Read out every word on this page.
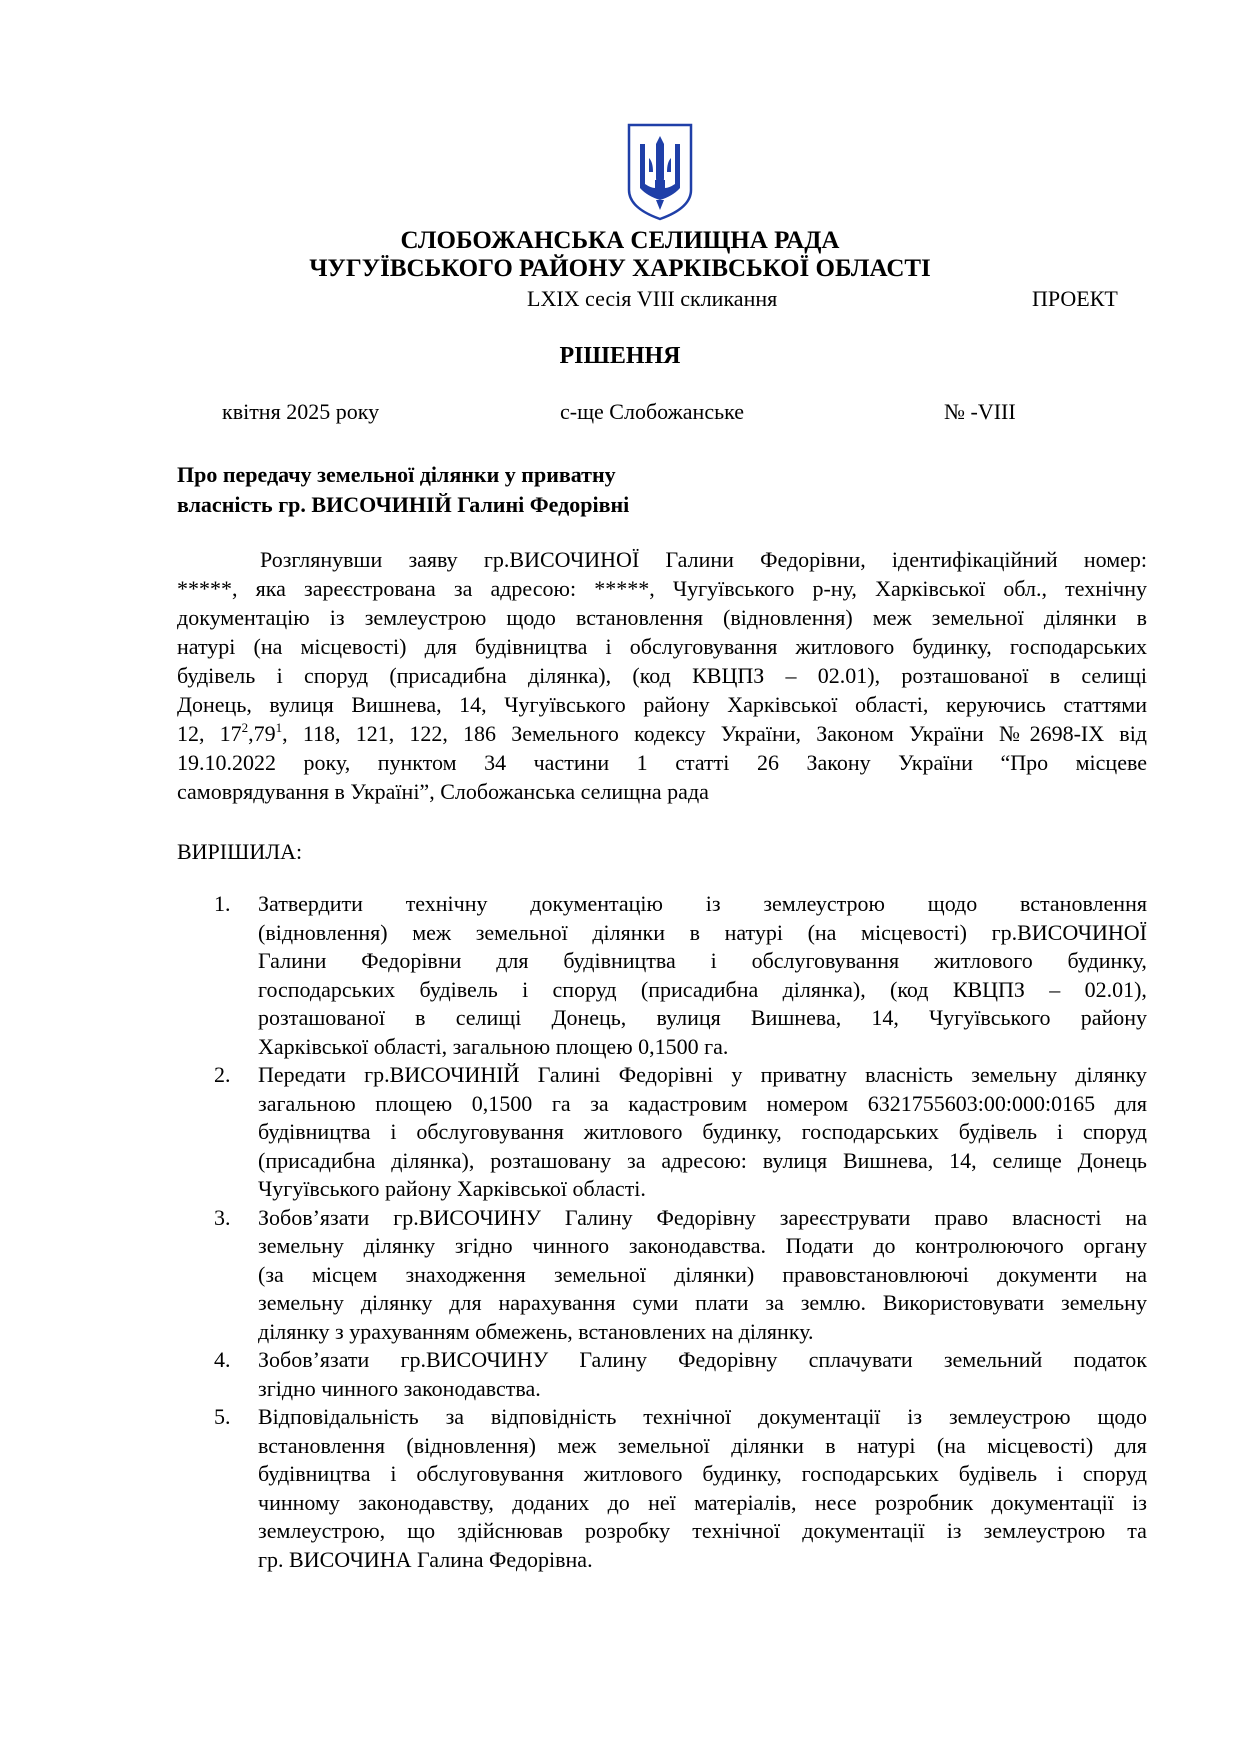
СЛОБОЖАНСЬКА СЕЛИЩНА РАДА
ЧУГУЇВСЬКОГО РАЙОНУ ХАРКІВСЬКОЇ ОБЛАСТІ
LXIX сесія VIII скликання	ПРОЕКТ
РІШЕННЯ
квітня 2025 року	с-ще Слобожанське	№ -VIII
Про передачу земельної ділянки у приватну
власність гр. ВИСОЧИНІЙ Галині Федорівні
Розглянувши заяву гр.ВИСОЧИНОЇ Галини Федорівни, ідентифікаційний номер:
*****, яка зареєстрована за адресою: *****, Чугуївського р-ну, Харківської обл., технічну
документацію із землеустрою щодо встановлення (відновлення) меж земельної ділянки в
натурі (на місцевості) для будівництва і обслуговування житлового будинку, господарських
будівель і споруд (присадибна ділянка), (код КВЦПЗ – 02.01), розташованої в селищі
Донець, вулиця Вишнева, 14, Чугуївського району Харківської області, керуючись статтями
12, $17^2,79^1$, 118, 121, 122, 186 Земельного кодексу України, Законом України №2698-IX від
19.10.2022 року, пунктом 34 частини 1 статті 26 Закону України “Про місцеве
самоврядування в Україні”, Слобожанська селищна рада
ВИРІШИЛА:
1. Затвердити технічну документацію із землеустрою щодо встановлення
(відновлення) меж земельної ділянки в натурі (на місцевості) гр.ВИСОЧИНОЇ
Галини Федорівни для будівництва і обслуговування житлового будинку,
господарських будівель і споруд (присадибна ділянка), (код КВЦПЗ – 02.01),
розташованої в селищі Донець, вулиця Вишнева, 14, Чугуївського району
Харківської області, загальною площею 0,1500 га.
2. Передати гр.ВИСОЧИНІЙ Галині Федорівні у приватну власність земельну ділянку
загальною площею 0,1500 га за кадастровим номером 6321755603:00:000:0165 для
будівництва і обслуговування житлового будинку, господарських будівель і споруд
(присадибна ділянка), розташовану за адресою: вулиця Вишнева, 14, селище Донець
Чугуївського району Харківської області.
3. Зобов’язати гр.ВИСОЧИНУ Галину Федорівну зареєструвати право власності на
земельну ділянку згідно чинного законодавства. Подати до контролюючого органу
(за місцем знаходження земельної ділянки) правовстановлюючі документи на
земельну ділянку для нарахування суми плати за землю. Використовувати земельну
ділянку з урахуванням обмежень, встановлених на ділянку.
4. Зобов’язати гр.ВИСОЧИНУ Галину Федорівну сплачувати земельний податок
згідно чинного законодавства.
5. Відповідальність за відповідність технічної документації із землеустрою щодо
встановлення (відновлення) меж земельної ділянки в натурі (на місцевості) для
будівництва і обслуговування житлового будинку, господарських будівель і споруд
чинному законодавству, доданих до неї матеріалів, несе розробник документації із
землеустрою, що здійснював розробку технічної документації із землеустрою та
гр. ВИСОЧИНА Галина Федорівна.
